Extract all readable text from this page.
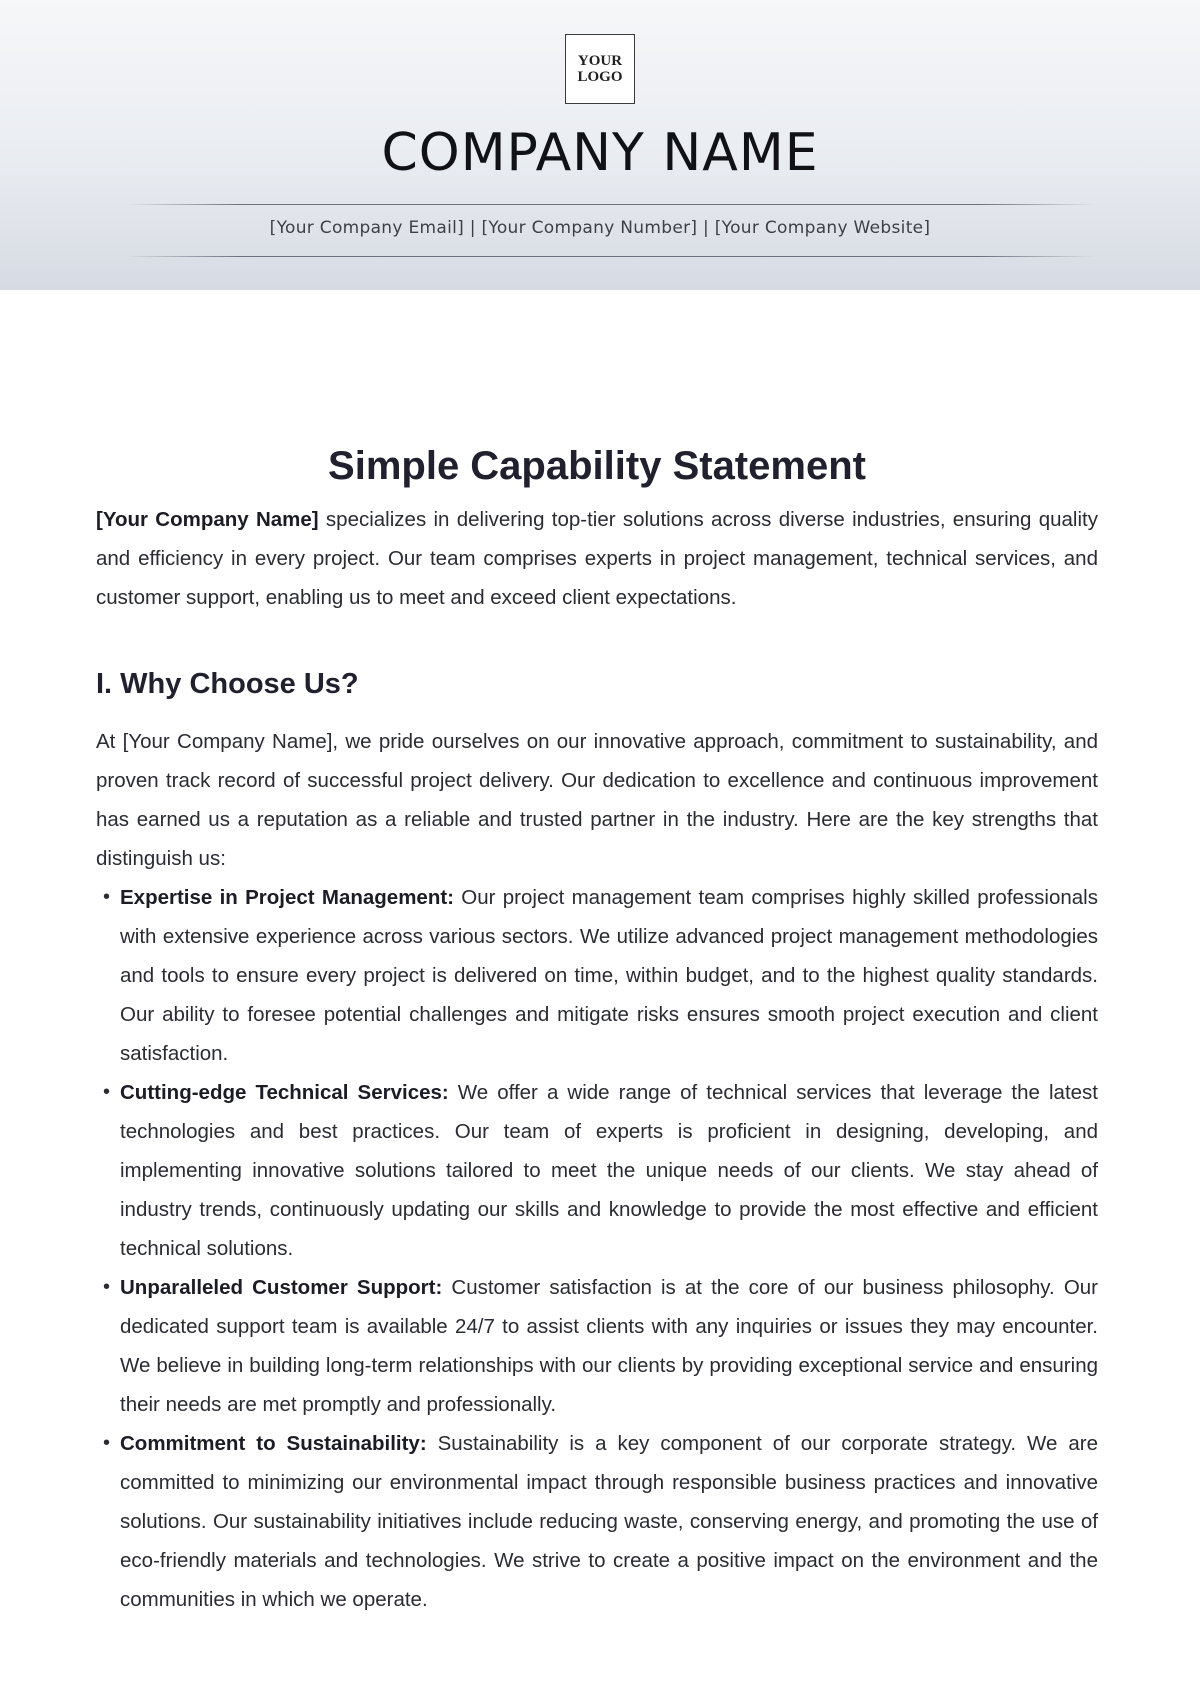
YOUR
LOGO
COMPANY NAME
[Your Company Email] | [Your Company Number] | [Your Company Website]
Simple Capability Statement

[Your Company Name] specializes in delivering top-tier solutions across diverse industries, ensuring quality and efficiency in every project. Our team comprises experts in project management, technical services, and customer support, enabling us to meet and exceed client expectations.

I. Why Choose Us?

At [Your Company Name], we pride ourselves on our innovative approach, commitment to sustainability, and proven track record of successful project delivery. Our dedication to excellence and continuous improvement has earned us a reputation as a reliable and trusted partner in the industry. Here are the key strengths that distinguish us:

• Expertise in Project Management: Our project management team comprises highly skilled professionals with extensive experience across various sectors. We utilize advanced project management methodologies and tools to ensure every project is delivered on time, within budget, and to the highest quality standards. Our ability to foresee potential challenges and mitigate risks ensures smooth project execution and client satisfaction.
• Cutting-edge Technical Services: We offer a wide range of technical services that leverage the latest technologies and best practices. Our team of experts is proficient in designing, developing, and implementing innovative solutions tailored to meet the unique needs of our clients. We stay ahead of industry trends, continuously updating our skills and knowledge to provide the most effective and efficient technical solutions.
• Unparalleled Customer Support: Customer satisfaction is at the core of our business philosophy. Our dedicated support team is available 24/7 to assist clients with any inquiries or issues they may encounter. We believe in building long-term relationships with our clients by providing exceptional service and ensuring their needs are met promptly and professionally.
• Commitment to Sustainability: Sustainability is a key component of our corporate strategy. We are committed to minimizing our environmental impact through responsible business practices and innovative solutions. Our sustainability initiatives include reducing waste, conserving energy, and promoting the use of eco-friendly materials and technologies. We strive to create a positive impact on the environment and the communities in which we operate.
